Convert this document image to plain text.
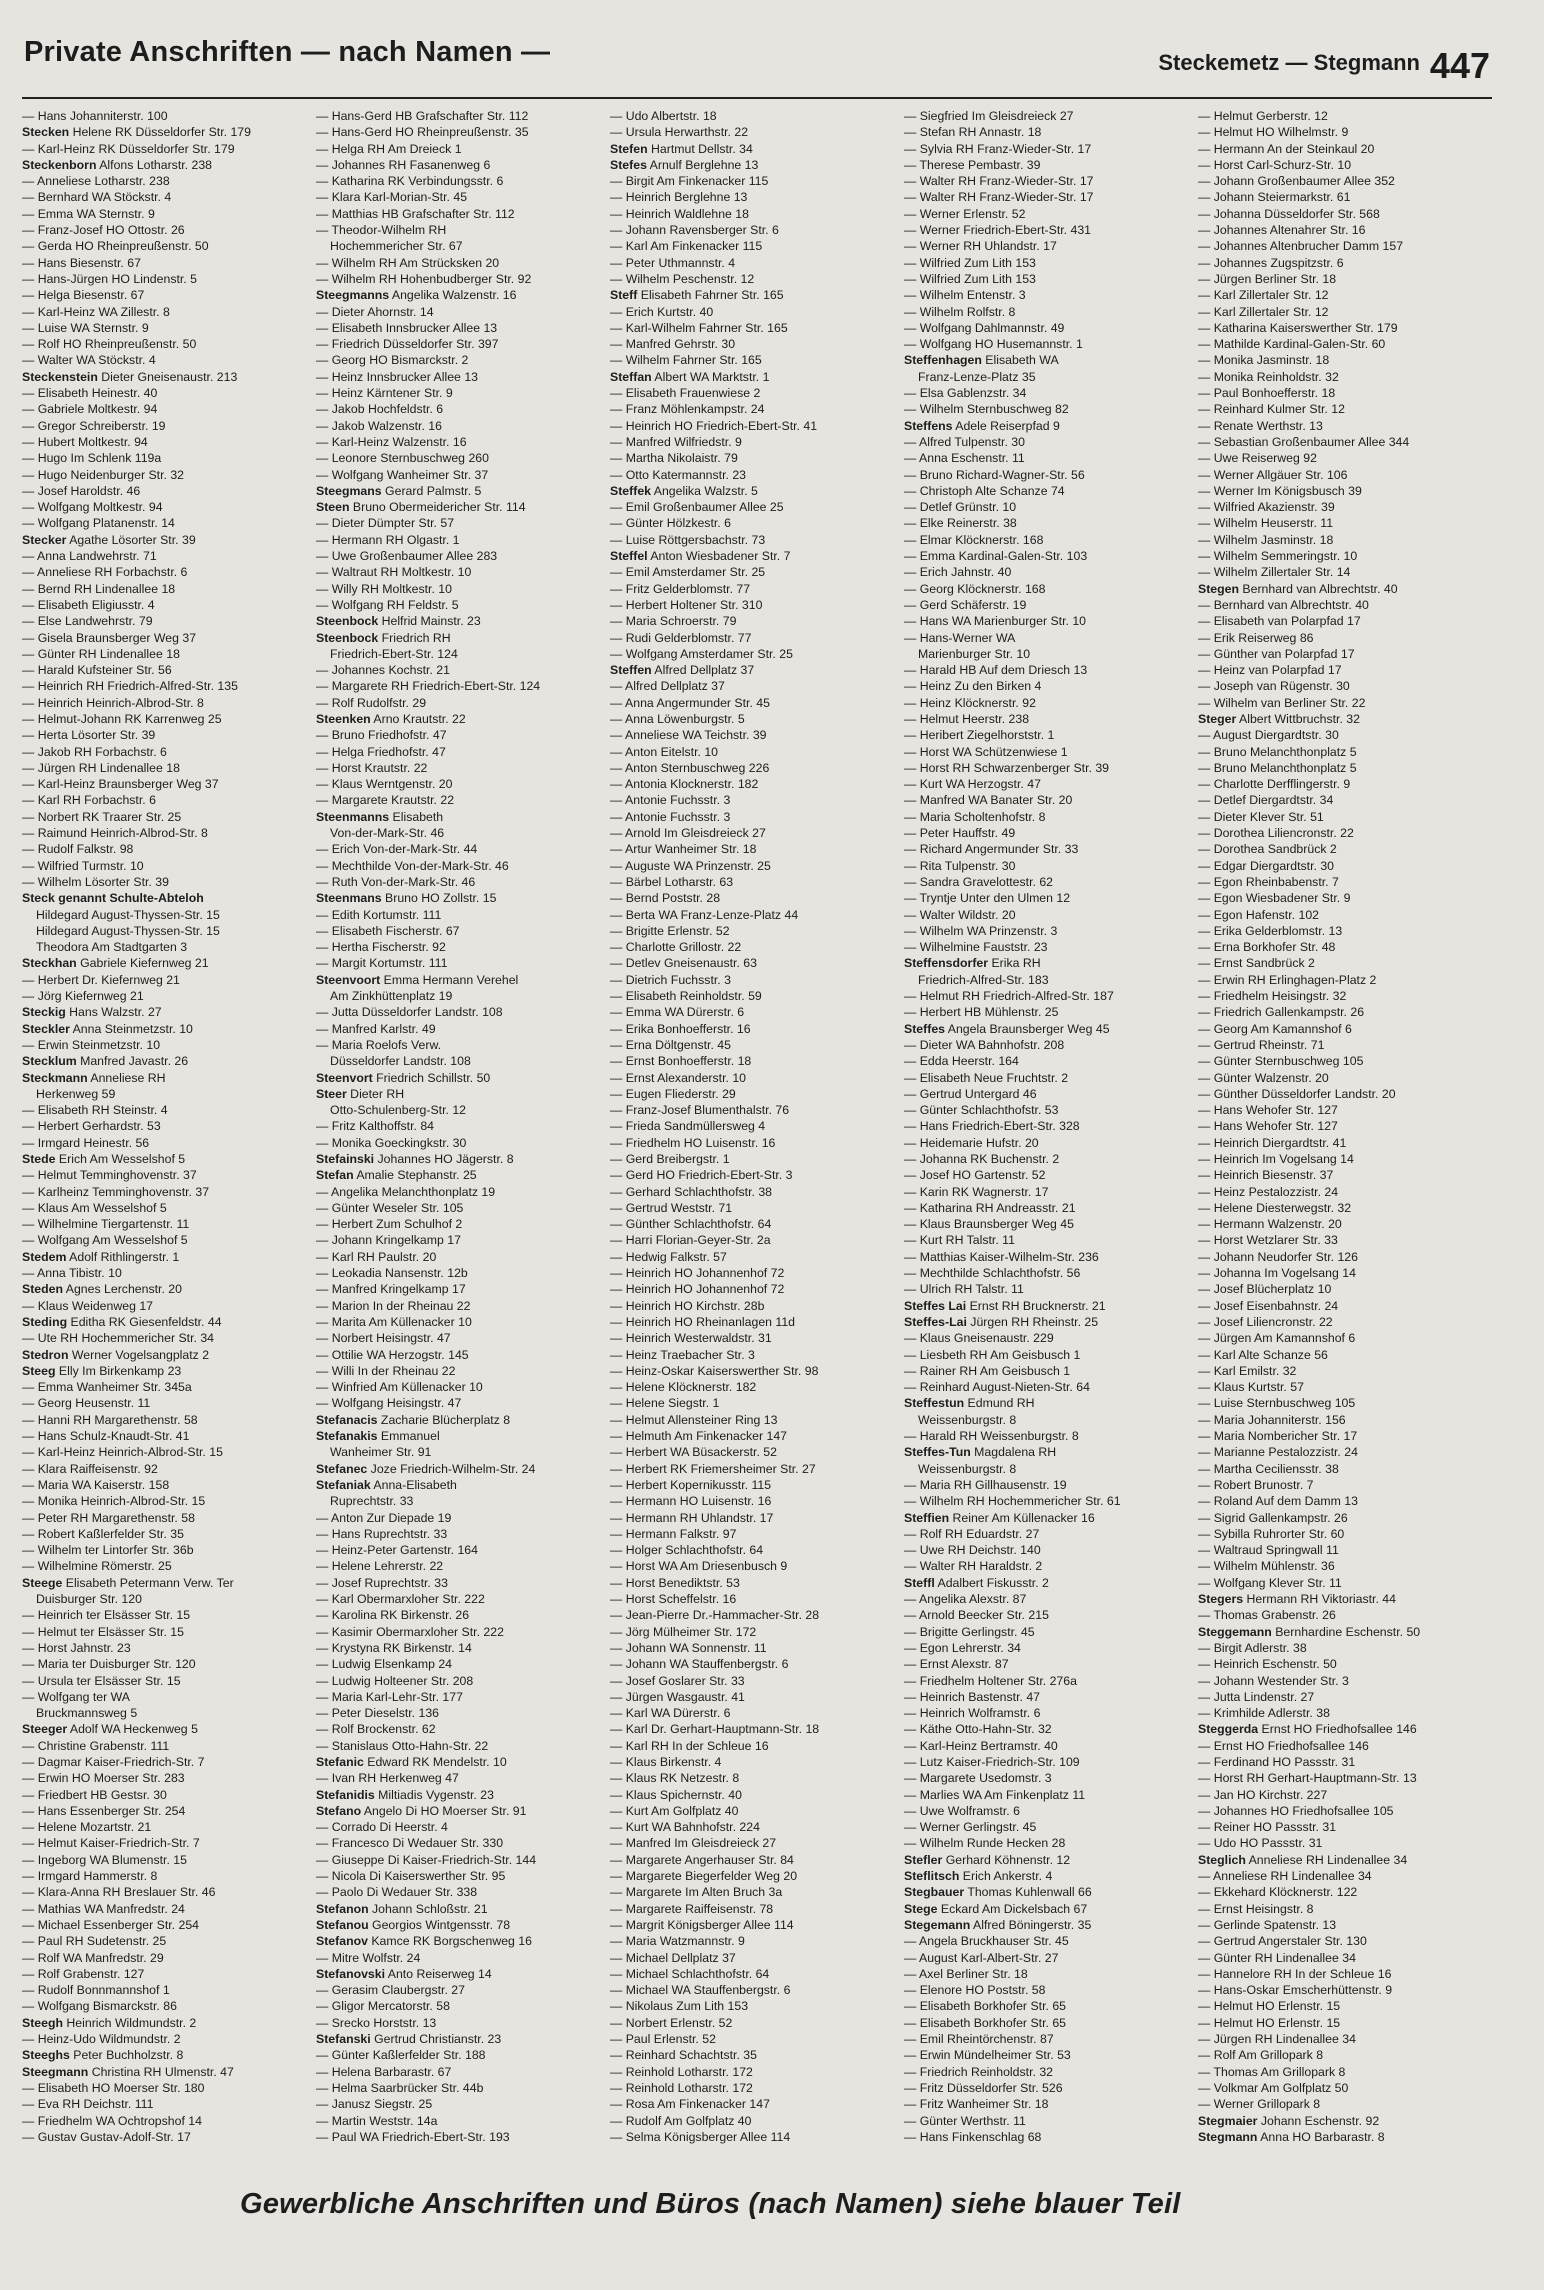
Private Anschriften — nach Namen —	Steckemetz — Stegmann 447
— Hans Johanniterstr. 100
Stecken Helene RK Düsseldorfer Str. 179
— Karl-Heinz RK Düsseldorfer Str. 179
Steckenborn Alfons Lotharstr. 238
— Anneliese Lotharstr. 238
— Bernhard WA Stöckstr. 4
— Emma WA Sternstr. 9
— Franz-Josef HO Ottostr. 26
— Gerda HO Rheinpreußenstr. 50
— Hans Biesenstr. 67
— Hans-Jürgen HO Lindenstr. 5
— Helga Biesenstr. 67
— Karl-Heinz WA Zillestr. 8
— Luise WA Sternstr. 9
— Rolf HO Rheinpreußenstr. 50
— Walter WA Stöckstr. 4
Steckenstein Dieter Gneisenaustr. 213
— Elisabeth Heinestr. 40
— Gabriele Moltkestr. 94
— Gregor Schreiberstr. 19
— Hubert Moltkestr. 94
— Hugo Im Schlenk 119a
— Hugo Neidenburger Str. 32
— Josef Haroldstr. 46
— Wolfgang Moltkestr. 94
— Wolfgang Platanenstr. 14
Stecker Agathe Lösorter Str. 39
— Anna Landwehrstr. 71
— Anneliese RH Forbachstr. 6
— Bernd RH Lindenallee 18
— Elisabeth Eligiusstr. 4
— Else Landwehrstr. 79
— Gisela Braunsberger Weg 37
— Günter RH Lindenallee 18
— Harald Kufsteiner Str. 56
— Heinrich RH Friedrich-Alfred-Str. 135
— Heinrich Heinrich-Albrod-Str. 8
— Helmut-Johann RK Karrenweg 25
— Herta Lösorter Str. 39
— Jakob RH Forbachstr. 6
— Jürgen RH Lindenallee 18
— Karl-Heinz Braunsberger Weg 37
— Karl RH Forbachstr. 6
— Norbert RK Traarer Str. 25
— Raimund Heinrich-Albrod-Str. 8
— Rudolf Falkstr. 98
— Wilfried Turmstr. 10
— Wilhelm Lösorter Str. 39
Steck genannt Schulte-Abteloh
Hildegard August-Thyssen-Str. 15
Hildegard August-Thyssen-Str. 15
Theodora Am Stadtgarten 3
Steckhan Gabriele Kiefernweg 21
— Herbert Dr. Kiefernweg 21
— Jörg Kiefernweg 21
Steckig Hans Walzstr. 27
Steckler Anna Steinmetzstr. 10
— Erwin Steinmetzstr. 10
Stecklum Manfred Javastr. 26
Steckmann Anneliese RH
Herkenweg 59
— Elisabeth RH Steinstr. 4
— Herbert Gerhardstr. 53
— Irmgard Heinestr. 56
Stede Erich Am Wesselshof 5
— Helmut Temminghovenstr. 37
— Karlheinz Temminghovenstr. 37
— Klaus Am Wesselshof 5
— Wilhelmine Tiergartenstr. 11
— Wolfgang Am Wesselshof 5
Stedem Adolf Rithlingerstr. 1
— Anna Tibistr. 10
Steden Agnes Lerchenstr. 20
— Klaus Weidenweg 17
Steding Editha RK Giesenfeldstr. 44
— Ute RH Hochemmericher Str. 34
Stedron Werner Vogelsangplatz 2
Steeg Elly Im Birkenkamp 23
— Emma Wanheimer Str. 345a
— Georg Heusenstr. 11
— Hanni RH Margarethenstr. 58
— Hans Schulz-Knaudt-Str. 41
— Karl-Heinz Heinrich-Albrod-Str. 15
— Klara Raiffeisenstr. 92
— Maria WA Kaiserstr. 158
— Monika Heinrich-Albrod-Str. 15
— Peter RH Margarethenstr. 58
— Robert Kaßlerfelder Str. 35
— Wilhelm ter Lintorfer Str. 36b
— Wilhelmine Römerstr. 25
Steege Elisabeth Petermann Verw. Ter
Duisburger Str. 120
— Heinrich ter Elsässer Str. 15
— Helmut ter Elsässer Str. 15
— Horst Jahnstr. 23
— Maria ter Duisburger Str. 120
— Ursula ter Elsässer Str. 15
— Wolfgang ter WA
Bruckmannsweg 5
Steeger Adolf WA Heckenweg 5
— Christine Grabenstr. 111
— Dagmar Kaiser-Friedrich-Str. 7
— Erwin HO Moerser Str. 283
— Friedbert HB Gestsr. 30
— Hans Essenberger Str. 254
— Helene Mozartstr. 21
— Helmut Kaiser-Friedrich-Str. 7
— Ingeborg WA Blumenstr. 15
— Irmgard Hammerstr. 8
— Klara-Anna RH Breslauer Str. 46
— Mathias WA Manfredstr. 24
— Michael Essenberger Str. 254
— Paul RH Sudetenstr. 25
— Rolf WA Manfredstr. 29
— Rolf Grabenstr. 127
— Rudolf Bonnmannshof 1
— Wolfgang Bismarckstr. 86
Steegh Heinrich Wildmundstr. 2
— Heinz-Udo Wildmundstr. 2
Steeghs Peter Buchholzstr. 8
Steegmann Christina RH Ulmenstr. 47
— Elisabeth HO Moerser Str. 180
— Eva RH Deichstr. 111
— Friedhelm WA Ochtropshof 14
— Gustav Gustav-Adolf-Str. 17
— Hans-Gerd HB Grafschafter Str. 112
— Hans-Gerd HO Rheinpreußenstr. 35
— Helga RH Am Dreieck 1
— Johannes RH Fasanenweg 6
— Katharina RK Verbindungsstr. 6
— Klara Karl-Morian-Str. 45
— Matthias HB Grafschafter Str. 112
— Theodor-Wilhelm RH
Hochemmericher Str. 67
— Wilhelm RH Am Strücksken 20
— Wilhelm RH Hohenbudberger Str. 92
Steegmanns Angelika Walzenstr. 16
— Dieter Ahornstr. 14
— Elisabeth Innsbrucker Allee 13
— Friedrich Düsseldorfer Str. 397
— Georg HO Bismarckstr. 2
— Heinz Innsbrucker Allee 13
— Heinz Kärntener Str. 9
— Jakob Hochfeldstr. 6
— Jakob Walzenstr. 16
— Karl-Heinz Walzenstr. 16
— Leonore Sternbuschweg 260
— Wolfgang Wanheimer Str. 37
Steegmans Gerard Palmstr. 5
Steen Bruno Obermeidericher Str. 114
— Dieter Dümpter Str. 57
— Hermann RH Olgastr. 1
— Uwe Großenbaumer Allee 283
— Waltraut RH Moltkestr. 10
— Willy RH Moltkestr. 10
— Wolfgang RH Feldstr. 5
Steenbock Helfrid Mainstr. 23
Steenbock Friedrich RH
Friedrich-Ebert-Str. 124
— Johannes Kochstr. 21
— Margarete RH Friedrich-Ebert-Str. 124
— Rolf Rudolfstr. 29
Steenken Arno Krautstr. 22
— Bruno Friedhofstr. 47
— Helga Friedhofstr. 47
— Horst Krautstr. 22
— Klaus Werntgenstr. 20
— Margarete Krautstr. 22
Steenmanns Elisabeth
Von-der-Mark-Str. 46
— Erich Von-der-Mark-Str. 44
— Mechthilde Von-der-Mark-Str. 46
— Ruth Von-der-Mark-Str. 46
Steenmans Bruno HO Zollstr. 15
— Edith Kortumstr. 111
— Elisabeth Fischerstr. 67
— Hertha Fischerstr. 92
— Margit Kortumstr. 111
Steenvoort Emma Hermann Verehel
Am Zinkhüttenplatz 19
— Jutta Düsseldorfer Landstr. 108
— Manfred Karlstr. 49
— Maria Roelofs Verw.
Düsseldorfer Landstr. 108
Steenvort Friedrich Schillstr. 50
Steer Dieter RH
Otto-Schulenberg-Str. 12
— Fritz Kalthoffstr. 84
— Monika Goeckingkstr. 30
Stefainski Johannes HO Jägerstr. 8
Stefan Amalie Stephanstr. 25
— Angelika Melanchthonplatz 19
— Günter Weseler Str. 105
— Herbert Zum Schulhof 2
— Johann Kringelkamp 17
— Karl RH Paulstr. 20
— Leokadia Nansenstr. 12b
— Manfred Kringelkamp 17
— Marion In der Rheinau 22
— Marita Am Küllenacker 10
— Norbert Heisingstr. 47
— Ottilie WA Herzogstr. 145
— Willi In der Rheinau 22
— Winfried Am Küllenacker 10
— Wolfgang Heisingstr. 47
Stefanacis Zacharie Blücherplatz 8
Stefanakis Emmanuel
Wanheimer Str. 91
Stefanec Joze Friedrich-Wilhelm-Str. 24
Stefaniak Anna-Elisabeth
Ruprechtstr. 33
— Anton Zur Diepade 19
— Hans Ruprechtstr. 33
— Heinz-Peter Gartenstr. 164
— Helene Lehrerstr. 22
— Josef Ruprechtstr. 33
— Karl Obermarxloher Str. 222
— Karolina RK Birkenstr. 26
— Kasimir Obermarxloher Str. 222
— Krystyna RK Birkenstr. 14
— Ludwig Elsenkamp 24
— Ludwig Holteener Str. 208
— Maria Karl-Lehr-Str. 177
— Peter Dieselstr. 136
— Rolf Brockenstr. 62
— Stanislaus Otto-Hahn-Str. 22
Stefanic Edward RK Mendelstr. 10
— Ivan RH Herkenweg 47
Stefanidis Miltiadis Vygenstr. 23
Stefano Angelo Di HO Moerser Str. 91
— Corrado Di Heerstr. 4
— Francesco Di Wedauer Str. 330
— Giuseppe Di Kaiser-Friedrich-Str. 144
— Nicola Di Kaiserswerther Str. 95
— Paolo Di Wedauer Str. 338
Stefanon Johann Schloßstr. 21
Stefanou Georgios Wintgensstr. 78
Stefanov Kamce RK Borgschenweg 16
— Mitre Wolfstr. 24
Stefanovski Anto Reiserweg 14
— Gerasim Claubergstr. 27
— Gligor Mercatorstr. 58
— Srecko Horststr. 13
Stefanski Gertrud Christianstr. 23
— Günter Kaßlerfelder Str. 188
— Helena Barbarastr. 67
— Helma Saarbrücker Str. 44b
— Janusz Siegstr. 25
— Martin Weststr. 14a
— Paul WA Friedrich-Ebert-Str. 193
— Udo Albertstr. 18
— Ursula Herwarthstr. 22
Stefen Hartmut Dellstr. 34
Stefes Arnulf Berglehne 13
— Birgit Am Finkenacker 115
— Heinrich Berglehne 13
— Heinrich Waldlehne 18
— Johann Ravensberger Str. 6
— Karl Am Finkenacker 115
— Peter Uthmannstr. 4
— Wilhelm Peschenstr. 12
Steff Elisabeth Fahrner Str. 165
— Erich Kurtstr. 40
— Karl-Wilhelm Fahrner Str. 165
— Manfred Gehrstr. 30
— Wilhelm Fahrner Str. 165
Steffan Albert WA Marktstr. 1
— Elisabeth Frauenwiese 2
— Franz Möhlenkampstr. 24
— Heinrich HO Friedrich-Ebert-Str. 41
— Manfred Wilfriedstr. 9
— Martha Nikolaistr. 79
— Otto Katermannstr. 23
Steffek Angelika Walzstr. 5
— Emil Großenbaumer Allee 25
— Günter Hölzkestr. 6
— Luise Röttgersbachstr. 73
Steffel Anton Wiesbadener Str. 7
— Emil Amsterdamer Str. 25
— Fritz Gelderblomstr. 77
— Herbert Holtener Str. 310
— Maria Schroerstr. 79
— Rudi Gelderblomstr. 77
— Wolfgang Amsterdamer Str. 25
Steffen Alfred Dellplatz 37
— Alfred Dellplatz 37
— Anna Angermunder Str. 45
— Anna Löwenburgstr. 5
— Anneliese WA Teichstr. 39
— Anton Eitelstr. 10
— Anton Sternbuschweg 226
— Antonia Klocknerstr. 182
— Antonie Fuchsstr. 3
— Antonie Fuchsstr. 3
— Arnold Im Gleisdreieck 27
— Artur Wanheimer Str. 18
— Auguste WA Prinzenstr. 25
— Bärbel Lotharstr. 63
— Bernd Poststr. 28
— Berta WA Franz-Lenze-Platz 44
— Brigitte Erlenstr. 52
— Charlotte Grillostr. 22
— Detlev Gneisenaustr. 63
— Dietrich Fuchsstr. 3
— Elisabeth Reinholdstr. 59
— Emma WA Dürerstr. 6
— Erika Bonhoefferstr. 16
— Erna Döltgenstr. 45
— Ernst Bonhoefferstr. 18
— Ernst Alexanderstr. 10
— Eugen Fliederstr. 29
— Franz-Josef Blumenthalstr. 76
— Frieda Sandmüllersweg 4
— Friedhelm HO Luisenstr. 16
— Gerd Breibergstr. 1
— Gerd HO Friedrich-Ebert-Str. 3
— Gerhard Schlachthofstr. 38
— Gertrud Weststr. 71
— Günther Schlachthofstr. 64
— Harri Florian-Geyer-Str. 2a
— Hedwig Falkstr. 57
— Heinrich HO Johannenhof 72
— Heinrich HO Johannenhof 72
— Heinrich HO Kirchstr. 28b
— Heinrich HO Rheinanlagen 11d
— Heinrich Westerwaldstr. 31
— Heinz Traebacher Str. 3
— Heinz-Oskar Kaiserswerther Str. 98
— Helene Klöcknerstr. 182
— Helene Siegstr. 1
— Helmut Allensteiner Ring 13
— Helmuth Am Finkenacker 147
— Herbert WA Büsackerstr. 52
— Herbert RK Friemersheimer Str. 27
— Herbert Kopernikusstr. 115
— Hermann HO Luisenstr. 16
— Hermann RH Uhlandstr. 17
— Hermann Falkstr. 97
— Holger Schlachthofstr. 64
— Horst WA Am Driesenbusch 9
— Horst Benediktstr. 53
— Horst Scheffelstr. 16
— Jean-Pierre Dr.-Hammacher-Str. 28
— Jörg Mülheimer Str. 172
— Johann WA Sonnenstr. 11
— Johann WA Stauffenbergstr. 6
— Josef Goslarer Str. 33
— Jürgen Wasgaustr. 41
— Karl WA Dürerstr. 6
— Karl Dr. Gerhart-Hauptmann-Str. 18
— Karl RH In der Schleue 16
— Klaus Birkenstr. 4
— Klaus RK Netzestr. 8
— Klaus Spichernstr. 40
— Kurt Am Golfplatz 40
— Kurt WA Bahnhofstr. 224
— Manfred Im Gleisdreieck 27
— Margarete Angerhauser Str. 84
— Margarete Biegerfelder Weg 20
— Margarete Im Alten Bruch 3a
— Margarete Raiffeisenstr. 78
— Margrit Königsberger Allee 114
— Maria Watzmannstr. 9
— Michael Dellplatz 37
— Michael Schlachthofstr. 64
— Michael WA Stauffenbergstr. 6
— Nikolaus Zum Lith 153
— Norbert Erlenstr. 52
— Paul Erlenstr. 52
— Reinhard Schachtstr. 35
— Reinhold Lotharstr. 172
— Reinhold Lotharstr. 172
— Rosa Am Finkenacker 147
— Rudolf Am Golfplatz 40
— Selma Königsberger Allee 114
— Siegfried Im Gleisdreieck 27
— Stefan RH Annastr. 18
— Sylvia RH Franz-Wieder-Str. 17
— Therese Pembastr. 39
— Walter RH Franz-Wieder-Str. 17
— Walter RH Franz-Wieder-Str. 17
— Werner Erlenstr. 52
— Werner Friedrich-Ebert-Str. 431
— Werner RH Uhlandstr. 17
— Wilfried Zum Lith 153
— Wilfried Zum Lith 153
— Wilhelm Entenstr. 3
— Wilhelm Rolfstr. 8
— Wolfgang Dahlmannstr. 49
— Wolfgang HO Husemannstr. 1
Steffenhagen Elisabeth WA
Franz-Lenze-Platz 35
— Elsa Gablenzstr. 34
— Wilhelm Sternbuschweg 82
Steffens Adele Reiserpfad 9
— Alfred Tulpenstr. 30
— Anna Eschenstr. 11
— Bruno Richard-Wagner-Str. 56
— Christoph Alte Schanze 74
— Detlef Grünstr. 10
— Elke Reinerstr. 38
— Elmar Klöcknerstr. 168
— Emma Kardinal-Galen-Str. 103
— Erich Jahnstr. 40
— Georg Klöcknerstr. 168
— Gerd Schäferstr. 19
— Hans WA Marienburger Str. 10
— Hans-Werner WA
Marienburger Str. 10
— Harald HB Auf dem Driesch 13
— Heinz Zu den Birken 4
— Heinz Klöcknerstr. 92
— Helmut Heerstr. 238
— Heribert Ziegelhorststr. 1
— Horst WA Schützenwiese 1
— Horst RH Schwarzenberger Str. 39
— Kurt WA Herzogstr. 47
— Manfred WA Banater Str. 20
— Maria Scholtenhofstr. 8
— Peter Hauffstr. 49
— Richard Angermunder Str. 33
— Rita Tulpenstr. 30
— Sandra Gravelottestr. 62
— Tryntje Unter den Ulmen 12
— Walter Wildstr. 20
— Wilhelm WA Prinzenstr. 3
— Wilhelmine Fauststr. 23
Steffensdorfer Erika RH
Friedrich-Alfred-Str. 183
— Helmut RH Friedrich-Alfred-Str. 187
— Herbert HB Mühlenstr. 25
Steffes Angela Braunsberger Weg 45
— Dieter WA Bahnhofstr. 208
— Edda Heerstr. 164
— Elisabeth Neue Fruchtstr. 2
— Gertrud Untergard 46
— Günter Schlachthofstr. 53
— Hans Friedrich-Ebert-Str. 328
— Heidemarie Hufstr. 20
— Johanna RK Buchenstr. 2
— Josef HO Gartenstr. 52
— Karin RK Wagnerstr. 17
— Katharina RH Andreasstr. 21
— Klaus Braunsberger Weg 45
— Kurt RH Talstr. 11
— Matthias Kaiser-Wilhelm-Str. 236
— Mechthilde Schlachthofstr. 56
— Ulrich RH Talstr. 11
Steffes Lai Ernst RH Brucknerstr. 21
Steffes-Lai Jürgen RH Rheinstr. 25
— Klaus Gneisenaustr. 229
— Liesbeth RH Am Geisbusch 1
— Rainer RH Am Geisbusch 1
— Reinhard August-Nieten-Str. 64
Steffestun Edmund RH
Weissenburgstr. 8
— Harald RH Weissenburgstr. 8
Steffes-Tun Magdalena RH
Weissenburgstr. 8
— Maria RH Gillhausenstr. 19
— Wilhelm RH Hochemmericher Str. 61
Steffien Reiner Am Küllenacker 16
— Rolf RH Eduardstr. 27
— Uwe RH Deichstr. 140
— Walter RH Haraldstr. 2
Steffl Adalbert Fiskusstr. 2
— Angelika Alexstr. 87
— Arnold Beecker Str. 215
— Brigitte Gerlingstr. 45
— Egon Lehrerstr. 34
— Ernst Alexstr. 87
— Friedhelm Holtener Str. 276a
— Heinrich Bastenstr. 47
— Heinrich Wolframstr. 6
— Käthe Otto-Hahn-Str. 32
— Karl-Heinz Bertramstr. 40
— Lutz Kaiser-Friedrich-Str. 109
— Margarete Usedomstr. 3
— Marlies WA Am Finkenplatz 11
— Uwe Wolframstr. 6
— Werner Gerlingstr. 45
— Wilhelm Runde Hecken 28
Stefler Gerhard Köhnenstr. 12
Steflitsch Erich Ankerstr. 4
Stegbauer Thomas Kuhlenwall 66
Stege Eckard Am Dickelsbach 67
Stegemann Alfred Böningerstr. 35
— Angela Bruckhauser Str. 45
— August Karl-Albert-Str. 27
— Axel Berliner Str. 18
— Elenore HO Poststr. 58
— Elisabeth Borkhofer Str. 65
— Elisabeth Borkhofer Str. 65
— Emil Rheintörchenstr. 87
— Erwin Mündelheimer Str. 53
— Friedrich Reinholdstr. 32
— Fritz Düsseldorfer Str. 526
— Fritz Wanheimer Str. 18
— Günter Werthstr. 11
— Hans Finkenschlag 68
— Helmut Gerberstr. 12
— Helmut HO Wilhelmstr. 9
— Hermann An der Steinkaul 20
— Horst Carl-Schurz-Str. 10
— Johann Großenbaumer Allee 352
— Johann Steiermarkstr. 61
— Johanna Düsseldorfer Str. 568
— Johannes Altenahrer Str. 16
— Johannes Altenbrucher Damm 157
— Johannes Zugspitzstr. 6
— Jürgen Berliner Str. 18
— Karl Zillertaler Str. 12
— Karl Zillertaler Str. 12
— Katharina Kaiserswerther Str. 179
— Mathilde Kardinal-Galen-Str. 60
— Monika Jasminstr. 18
— Monika Reinholdstr. 32
— Paul Bonhoefferstr. 18
— Reinhard Kulmer Str. 12
— Renate Werthstr. 13
— Sebastian Großenbaumer Allee 344
— Uwe Reiserweg 92
— Werner Allgäuer Str. 106
— Werner Im Königsbusch 39
— Wilfried Akazienstr. 39
— Wilhelm Heuserstr. 11
— Wilhelm Jasminstr. 18
— Wilhelm Semmeringstr. 10
— Wilhelm Zillertaler Str. 14
Stegen Bernhard van Albrechtstr. 40
— Bernhard van Albrechtstr. 40
— Elisabeth van Polarpfad 17
— Erik Reiserweg 86
— Günther van Polarpfad 17
— Heinz van Polarpfad 17
— Joseph van Rügenstr. 30
— Wilhelm van Berliner Str. 22
Steger Albert Wittbruchstr. 32
— August Diergardtstr. 30
— Bruno Melanchthonplatz 5
— Bruno Melanchthonplatz 5
— Charlotte Derfflingerstr. 9
— Detlef Diergardtstr. 34
— Dieter Klever Str. 51
— Dorothea Liliencronstr. 22
— Dorothea Sandbrück 2
— Edgar Diergardtstr. 30
— Egon Rheinbabenstr. 7
— Egon Wiesbadener Str. 9
— Egon Hafenstr. 102
— Erika Gelderblomstr. 13
— Erna Borkhofer Str. 48
— Ernst Sandbrück 2
— Erwin RH Erlinghagen-Platz 2
— Friedhelm Heisingstr. 32
— Friedrich Gallenkampstr. 26
— Georg Am Kamannshof 6
— Gertrud Rheinstr. 71
— Günter Sternbuschweg 105
— Günter Walzenstr. 20
— Günther Düsseldorfer Landstr. 20
— Hans Wehofer Str. 127
— Hans Wehofer Str. 127
— Heinrich Diergardtstr. 41
— Heinrich Im Vogelsang 14
— Heinrich Biesenstr. 37
— Heinz Pestalozzistr. 24
— Helene Diesterwegstr. 32
— Hermann Walzenstr. 20
— Horst Wetzlarer Str. 33
— Johann Neudorfer Str. 126
— Johanna Im Vogelsang 14
— Josef Blücherplatz 10
— Josef Eisenbahnstr. 24
— Josef Liliencronstr. 22
— Jürgen Am Kamannshof 6
— Karl Alte Schanze 56
— Karl Emilstr. 32
— Klaus Kurtstr. 57
— Luise Sternbuschweg 105
— Maria Johanniterstr. 156
— Maria Nombericher Str. 17
— Marianne Pestalozzistr. 24
— Martha Ceciliensstr. 38
— Robert Brunostr. 7
— Roland Auf dem Damm 13
— Sigrid Gallenkampstr. 26
— Sybilla Ruhrorter Str. 60
— Waltraud Springwall 11
— Wilhelm Mühlenstr. 36
— Wolfgang Klever Str. 11
Stegers Hermann RH Viktoriastr. 44
— Thomas Grabenstr. 26
Steggemann Bernhardine Eschenstr. 50
— Birgit Adlerstr. 38
— Heinrich Eschenstr. 50
— Johann Westender Str. 3
— Jutta Lindenstr. 27
— Krimhilde Adlerstr. 38
Steggerda Ernst HO Friedhofsallee 146
— Ernst HO Friedhofsallee 146
— Ferdinand HO Passstr. 31
— Horst RH Gerhart-Hauptmann-Str. 13
— Jan HO Kirchstr. 227
— Johannes HO Friedhofsallee 105
— Reiner HO Passstr. 31
— Udo HO Passstr. 31
Steglich Anneliese RH Lindenallee 34
— Anneliese RH Lindenallee 34
— Ekkehard Klöcknerstr. 122
— Ernst Heisingstr. 8
— Gerlinde Spatenstr. 13
— Gertrud Angerstaler Str. 130
— Günter RH Lindenallee 34
— Hannelore RH In der Schleue 16
— Hans-Oskar Emscherhüttenstr. 9
— Helmut HO Erlenstr. 15
— Helmut HO Erlenstr. 15
— Jürgen RH Lindenallee 34
— Rolf Am Grillopark 8
— Thomas Am Grillopark 8
— Volkmar Am Golfplatz 50
— Werner Grillopark 8
Stegmaier Johann Eschenstr. 92
Stegmann Anna HO Barbarastr. 8
Gewerbliche Anschriften und Büros (nach Namen) siehe blauer Teil
